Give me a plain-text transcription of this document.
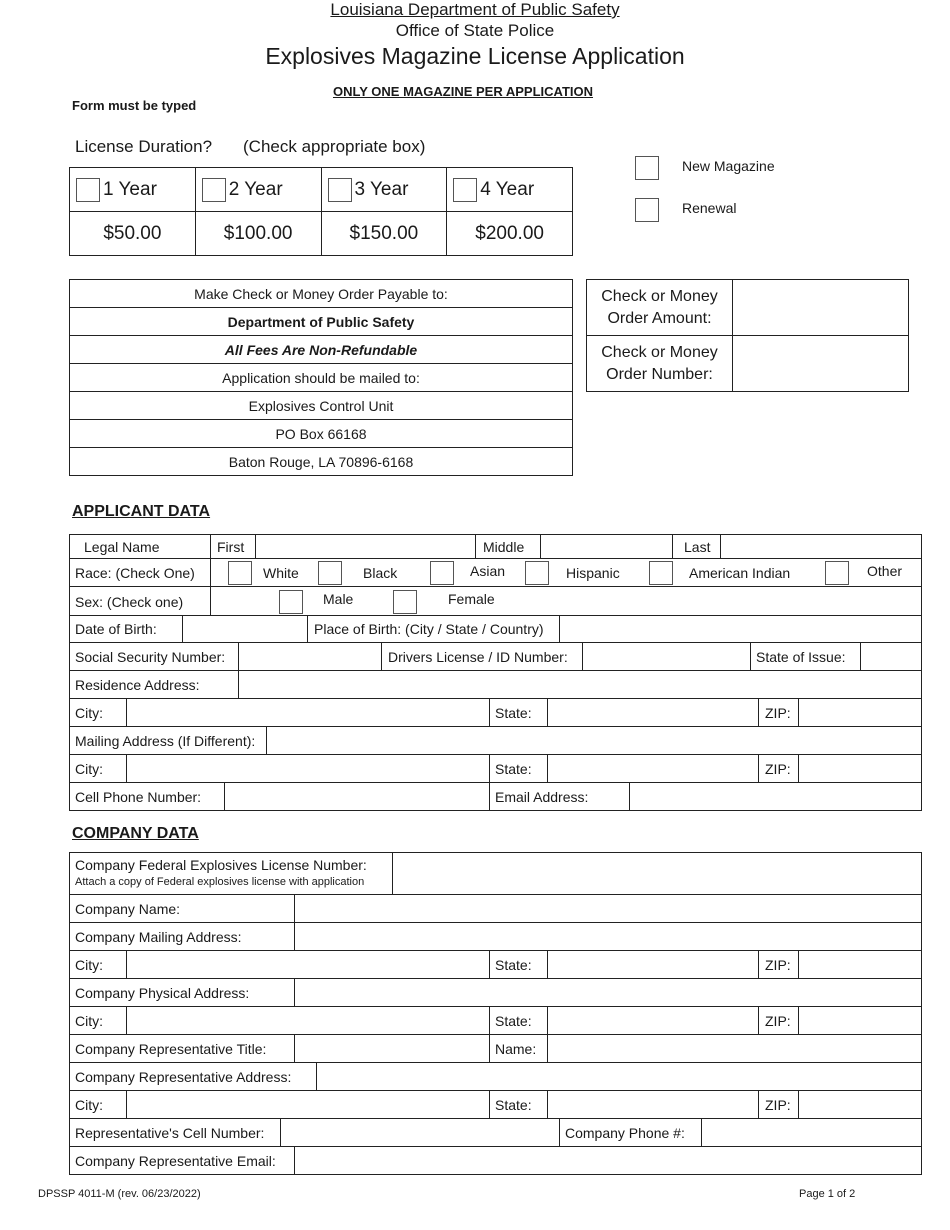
Louisiana Department of Public Safety
Office of State Police
Explosives Magazine License Application
ONLY ONE MAGAZINE PER APPLICATION
Form must be typed
License Duration? (Check appropriate box)
1 Year	2 Year	3 Year	4 Year

$50.00	$100.00	$150.00	$200.00
New Magazine
Renewal
Make Check or Money Order Payable to:
Department of Public Safety
All Fees Are Non-Refundable
Application should be mailed to:
Explosives Control Unit
PO Box 66168
Baton Rouge, LA 70896-6168
Check or Money
Order Amount:	
Check or Money
Order Number:	
APPLICANT DATA
Legal Name	First	Middle	Last
Race: (Check One)	White	Black	Asian	Hispanic	American Indian	Other
Sex: (Check one)	Male	Female
Date of Birth:	Place of Birth: (City / State / Country)
Social Security Number:	Drivers License / ID Number:	State of Issue:
Residence Address:
City:	State:	ZIP:
Mailing Address (If Different):
City:	State:	ZIP:
Cell Phone Number:	Email Address:
COMPANY DATA
Company Federal Explosives License Number:
Attach a copy of Federal explosives license with application
Company Name:
Company Mailing Address:
City:	State:	ZIP:
Company Physical Address:
City:	State:	ZIP:
Company Representative Title:	Name:
Company Representative Address:
City:	State:	ZIP:
Representative's Cell Number:	Company Phone #:
Company Representative Email:
DPSSP 4011-M (rev. 06/23/2022)	Page 1 of 2
